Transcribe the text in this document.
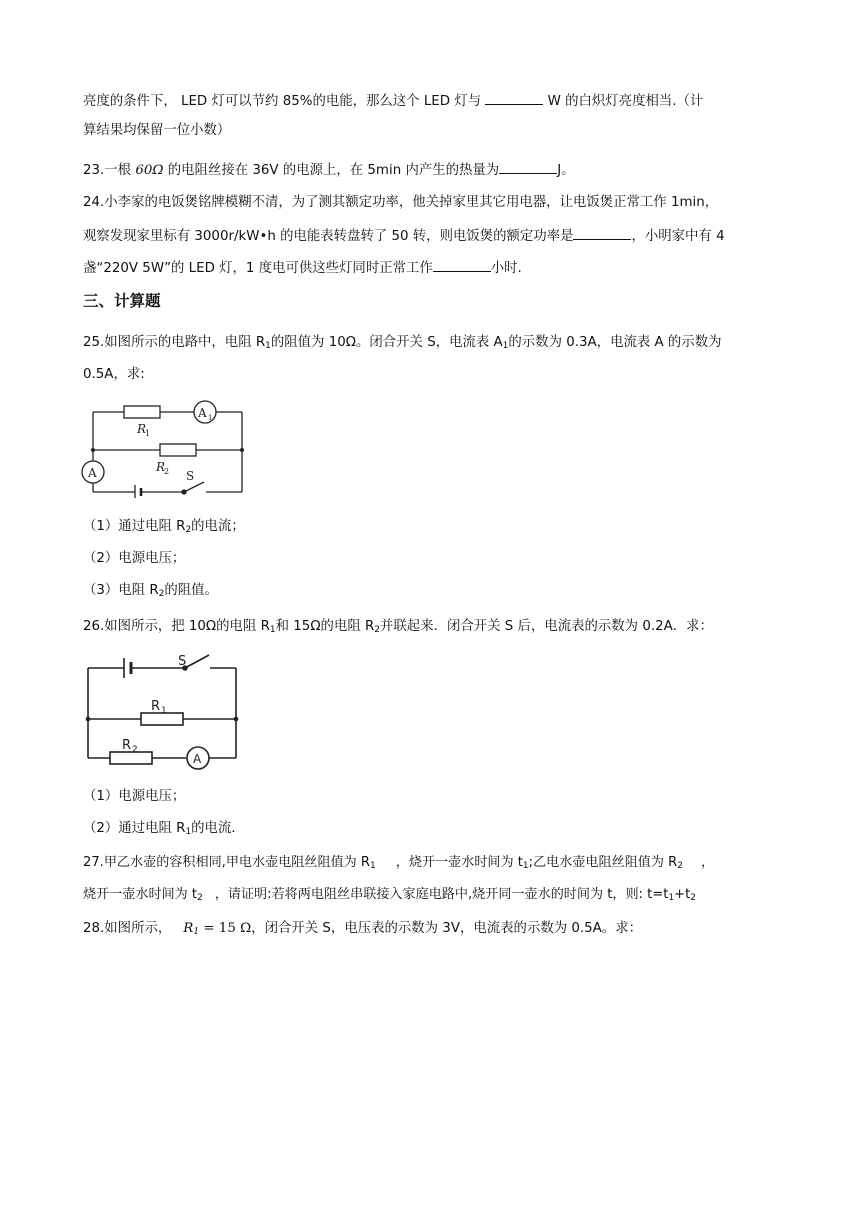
亮度的条件下， LED 灯可以节约 85%的电能，那么这个 LED 灯与	W 的白炽灯亮度相当.（计
算结果均保留一位小数）
23.一根 60Ω 的电阻丝接在 36V 的电源上，在 5min 内产生的热量为	J。
24.小李家的电饭煲铭牌模糊不清，为了测其额定功率，他关掉家里其它用电器，让电饭煲正常工作 1min，
观察发现家里标有 3000r/kW•h 的电能表转盘转了 50 转，则电饭煲的额定功率是	，小明家中有 4
盏“220V 5W”的 LED 灯，1 度电可供这些灯同时正常工作	小时.
三、计算题
25.如图所示的电路中，电阻 $R_1$的阻值为 10Ω。闭合开关 S，电流表 $A_1$的示数为 0.3A，电流表 A 的示数为
0.5A，求:
A 1
R
1
R
2
A	S
（1）通过电阻 $R_2$的电流；
（2）电源电压；
（3）电阻 $R_2$的阻值。
26.如图所示，把 10Ω的电阻 $R_1$和 15Ω的电阻 $R_2$并联起来．闭合开关 S 后，电流表的示数为 0.2A．求：
S
R 1
R 2
A
（1）电源电压；
（2）通过电阻 $R_1$的电流．
27.甲乙水壶的容积相同,甲电水壶电阻丝阻值为 $R_1$ ，烧开一壶水时间为 $t_1$;乙电水壶电阻丝阻值为 $R_2$ ，
烧开一壶水时间为 $t_2$ ，请证明:若将两电阻丝串联接入家庭电路中,烧开同一壶水的时间为 t，则: $t=t_1+t_2$
28.如图所示， $R_1 = 15$ Ω，闭合开关 S，电压表的示数为 3V，电流表的示数为 0.5A。求：
